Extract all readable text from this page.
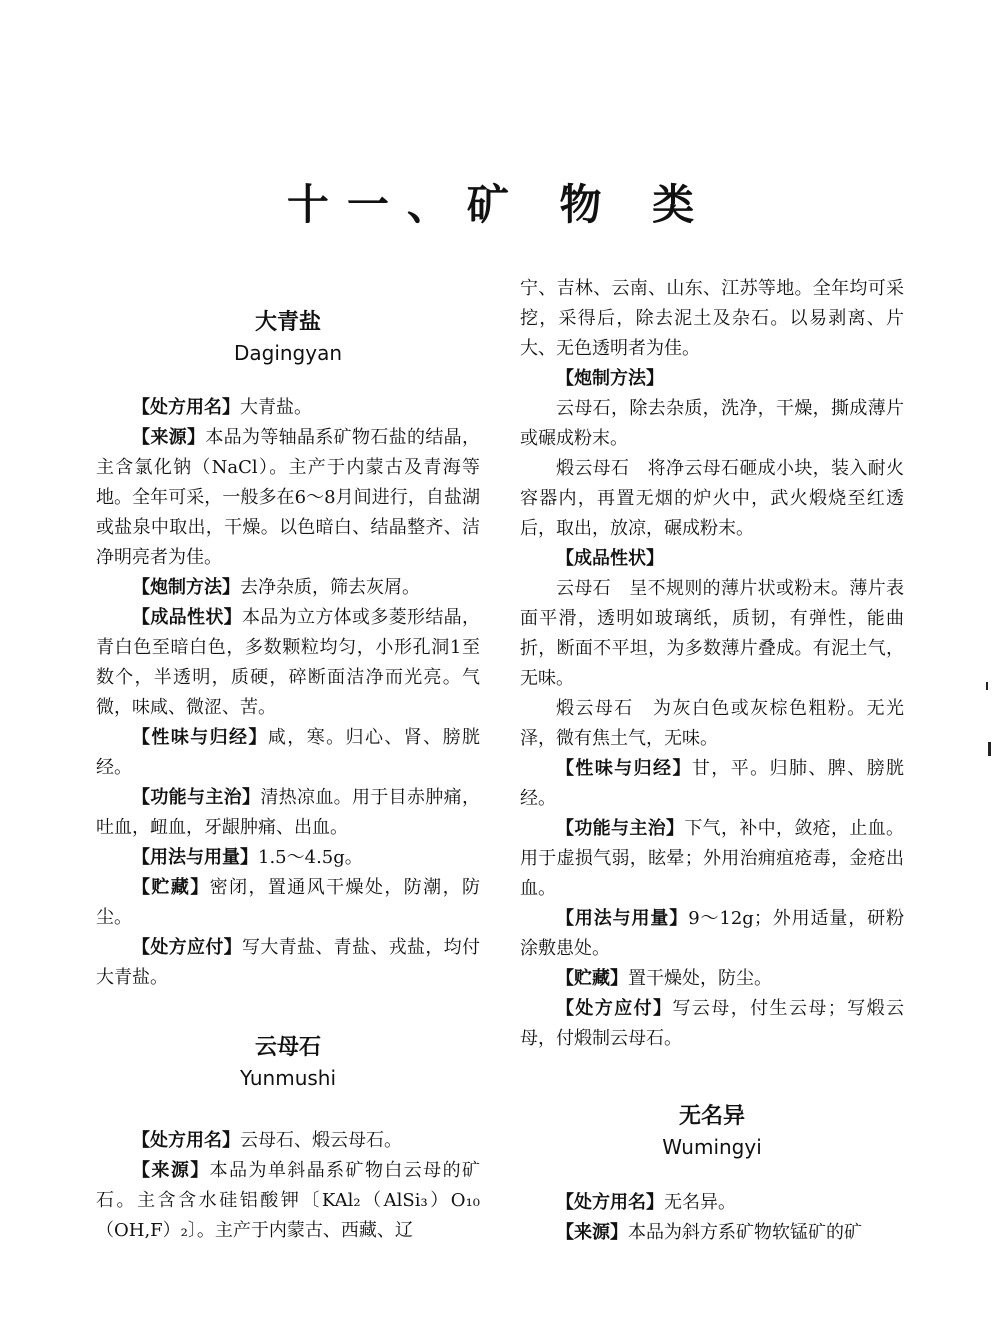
十一、矿 物 类
大青盐
Dagingyan

【处方用名】大青盐。

【来源】本品为等轴晶系矿物石盐的结晶，主含氯化钠（NaCl）。主产于内蒙古及青海等地。全年可采，一般多在6～8月间进行，自盐湖或盐泉中取出，干燥。以色暗白、结晶整齐、洁净明亮者为佳。

【炮制方法】去净杂质，筛去灰屑。

【成品性状】本品为立方体或多菱形结晶，青白色至暗白色，多数颗粒均匀，小形孔洞1至数个，半透明，质硬，碎断面洁净而光亮。气微，味咸、微涩、苦。

【性味与归经】咸，寒。归心、肾、膀胱经。

【功能与主治】清热凉血。用于目赤肿痛，吐血，衄血，牙龈肿痛、出血。

【用法与用量】1.5～4.5g。

【贮藏】密闭，置通风干燥处，防潮，防尘。

【处方应付】写大青盐、青盐、戎盐，均付大青盐。

云母石
Yunmushi

【处方用名】云母石、煅云母石。

【来源】本品为单斜晶系矿物白云母的矿石。主含含水硅铝酸钾〔KAl₂（AlSi₃）O₁₀（OH,F）₂〕。主产于内蒙古、西藏、辽

宁、吉林、云南、山东、江苏等地。全年均可采挖，采得后，除去泥土及杂石。以易剥离、片大、无色透明者为佳。

【炮制方法】

云母石，除去杂质，洗净，干燥，撕成薄片或碾成粉末。

煅云母石　将净云母石砸成小块，装入耐火容器内，再置无烟的炉火中，武火煅烧至红透后，取出，放凉，碾成粉末。

【成品性状】

云母石　呈不规则的薄片状或粉末。薄片表面平滑，透明如玻璃纸，质韧，有弹性，能曲折，断面不平坦，为多数薄片叠成。有泥土气，无味。

煅云母石　为灰白色或灰棕色粗粉。无光泽，微有焦土气，无味。

【性味与归经】甘，平。归肺、脾、膀胱经。

【功能与主治】下气，补中，敛疮，止血。用于虚损气弱，眩晕；外用治痈疽疮毒，金疮出血。

【用法与用量】9～12g；外用适量，研粉涂敷患处。

【贮藏】置干燥处，防尘。

【处方应付】写云母，付生云母；写煅云母，付煅制云母石。

无名异
Wumingyi

【处方用名】无名异。

【来源】本品为斜方系矿物软锰矿的矿
